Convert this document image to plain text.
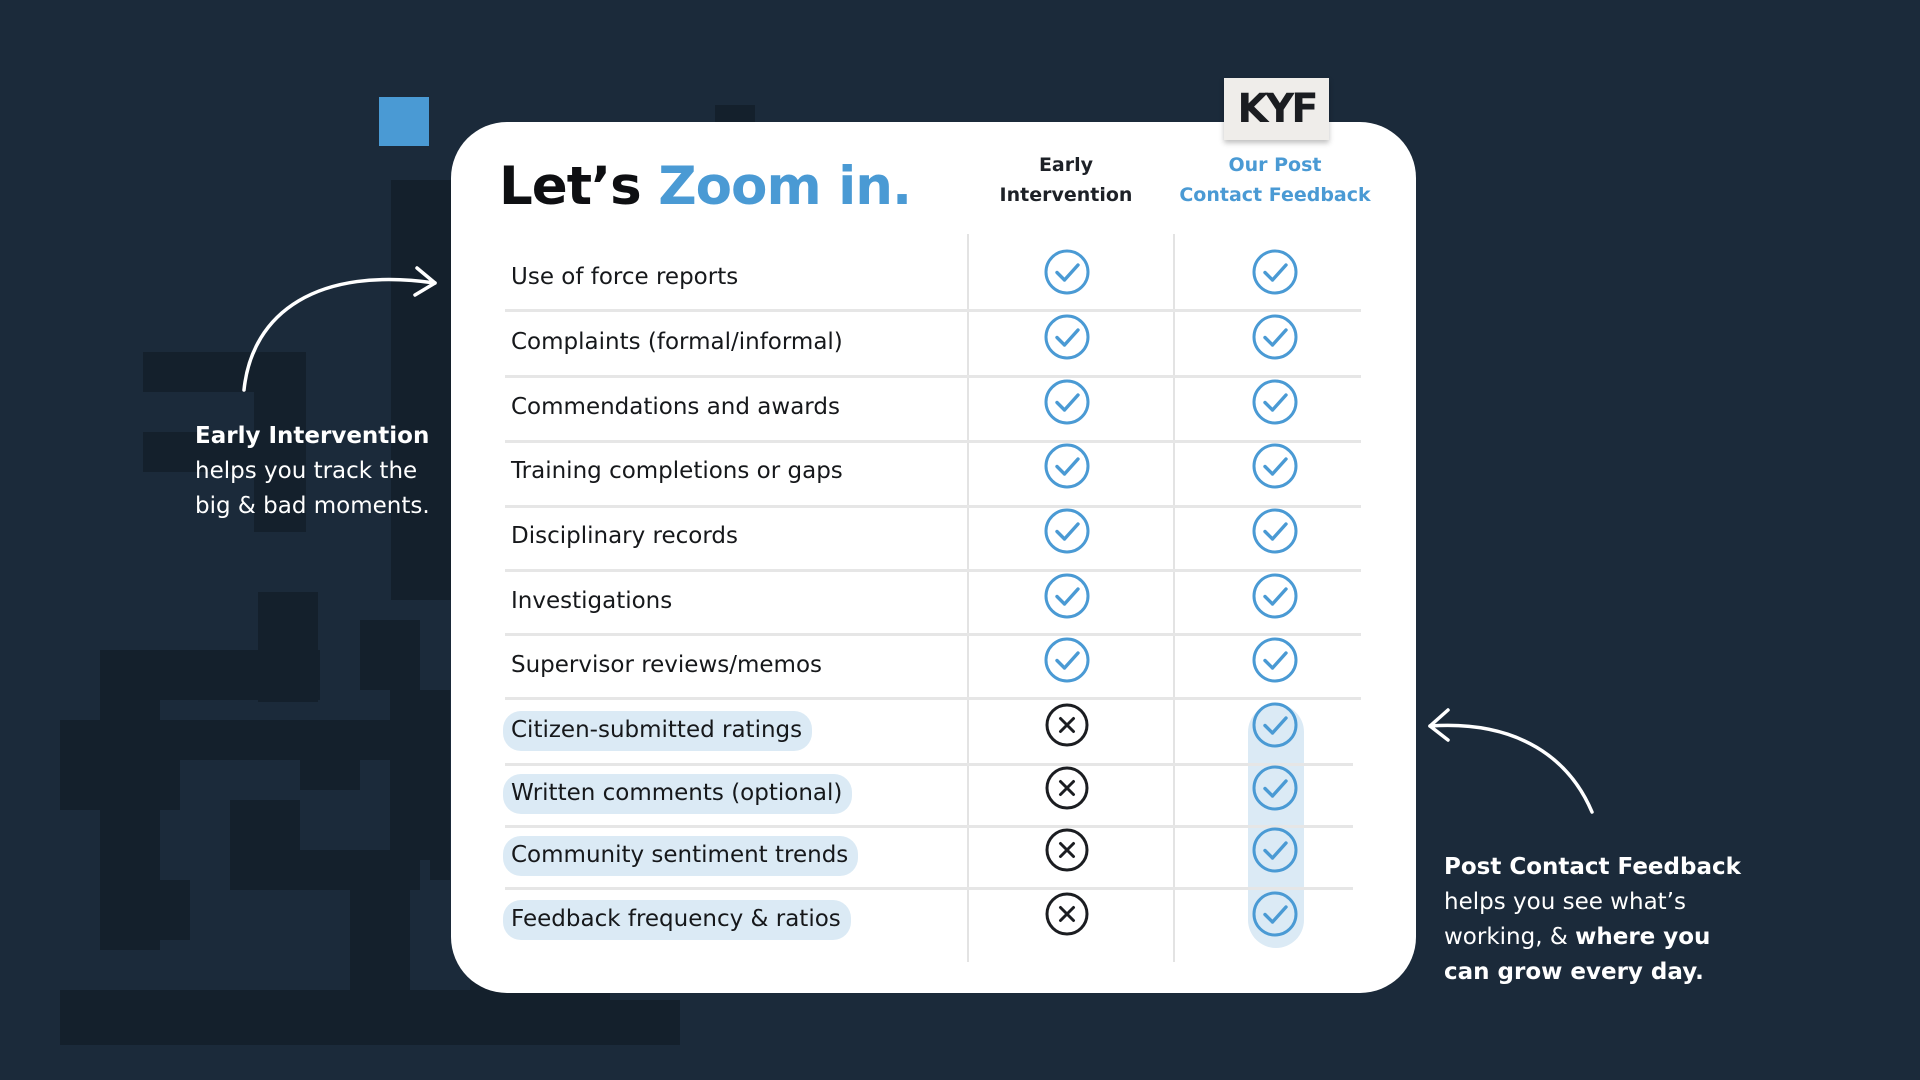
KYF
Let’s Zoom in.	Early
Intervention
Our Post
Contact Feedback
Use of force reports
Complaints (formal/informal)
Commendations and awards
Training completions or gaps
Disciplinary records
Investigations
Supervisor reviews/memos
Citizen-submitted ratings
Written comments (optional)
Community sentiment trends
Feedback frequency & ratios
Early Intervention
helps you track the
big & bad moments.
Post Contact Feedback
helps you see what’s
working, & where you
can grow every day.
